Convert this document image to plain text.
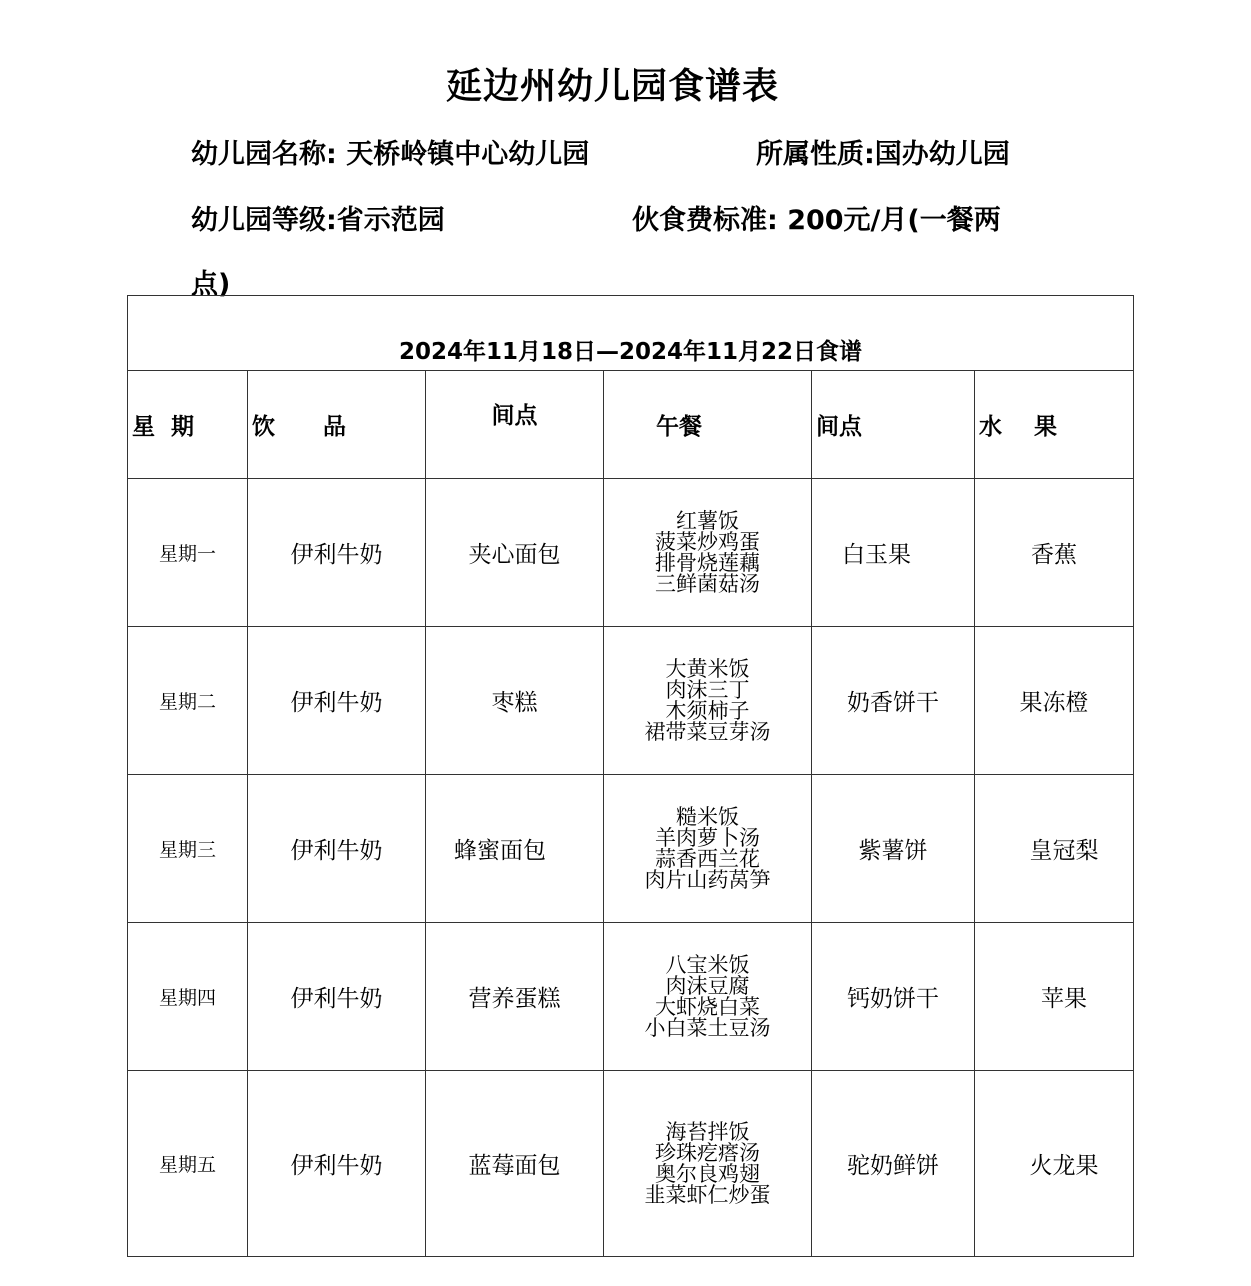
延边州幼儿园食谱表
幼儿园名称: 天桥岭镇中心幼儿园	所属性质:国办幼儿园
幼儿园等级:省示范园	伙食费标准: 200元/月(一餐两
点)
2024年11月18日—2024年11月22日食谱					
星  期	饮      品	间点	午餐	间点	水    果
星期一	伊利牛奶	夹心面包	红薯饭
菠菜炒鸡蛋
排骨烧莲藕
三鲜菌菇汤	白玉果	香蕉
星期二	伊利牛奶	枣糕	大黄米饭
肉沫三丁
木须柿子
裙带菜豆芽汤	奶香饼干	果冻橙
星期三	伊利牛奶	蜂蜜面包	糙米饭
羊肉萝卜汤
蒜香西兰花
肉片山药莴笋	紫薯饼	皇冠梨
星期四	伊利牛奶	营养蛋糕	八宝米饭
肉沫豆腐
大虾烧白菜
小白菜土豆汤	钙奶饼干	苹果
星期五	伊利牛奶	蓝莓面包	海苔拌饭
珍珠疙瘩汤
奥尔良鸡翅
韭菜虾仁炒蛋	驼奶鲜饼	火龙果
